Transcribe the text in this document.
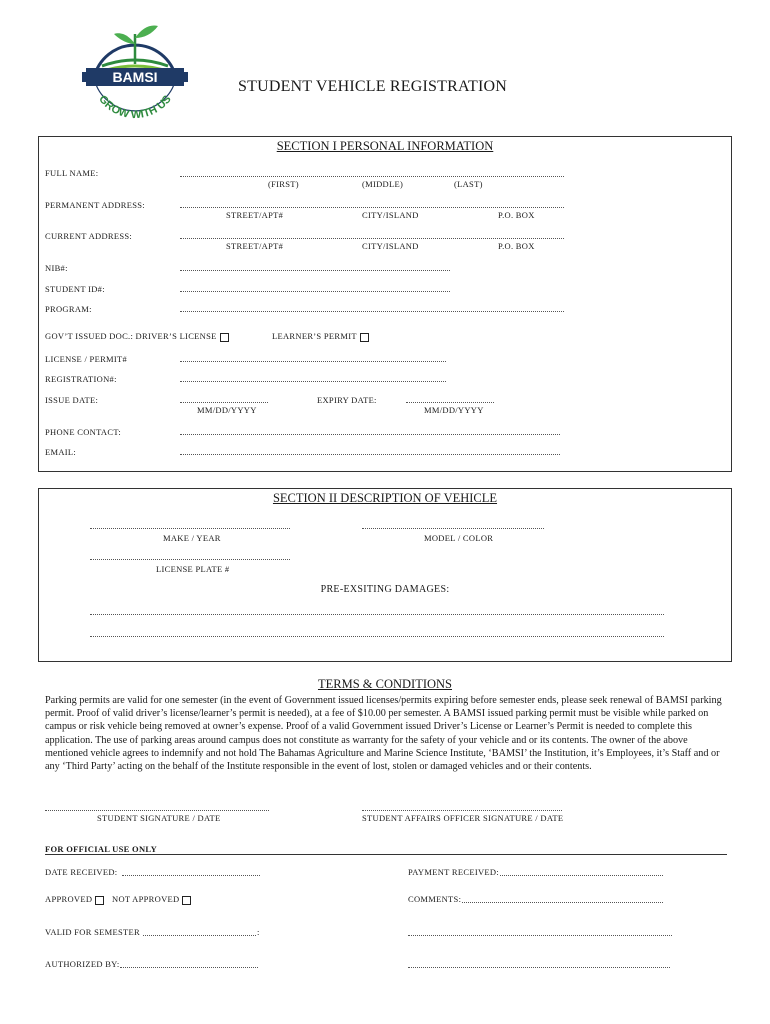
BAMSI
GROW WITH US
STUDENT VEHICLE REGISTRATION
SECTION I PERSONAL INFORMATION
FULL NAME:
(FIRST)	(MIDDLE)	(LAST)
PERMANENT ADDRESS:
STREET/APT#	CITY/ISLAND	P.O. BOX
CURRENT ADDRESS:
STREET/APT#	CITY/ISLAND	P.O. BOX
NIB#:
STUDENT ID#:
PROGRAM:
GOV’T ISSUED DOC.: DRIVER’S LICENSE	LEARNER’S PERMIT
LICENSE / PERMIT#
REGISTRATION#:
ISSUE DATE:
MM/DD/YYYY
EXPIRY DATE:
MM/DD/YYYY
PHONE CONTACT:
EMAIL:
SECTION II DESCRIPTION OF VEHICLE
MAKE / YEAR	MODEL / COLOR
LICENSE PLATE #
PRE-EXSITING DAMAGES:
TERMS & CONDITIONS
Parking permits are valid for one semester (in the event of Government issued licenses/permits expiring before semester ends, please seek renewal of BAMSI parking permit. Proof of valid driver’s license/learner’s permit is needed), at a fee of $10.00 per semester. A BAMSI issued parking permit must be visible while parked on campus or risk vehicle being removed at owner’s expense. Proof of a valid Government issued Driver’s License or Learner’s Permit is needed to complete this application. The use of parking areas around campus does not constitute as warranty for the safety of your vehicle and or its contents. The owner of the above mentioned vehicle agrees to indemnify and not hold The Bahamas Agriculture and Marine Science Institute, ‘BAMSI’ the Institution, it’s Employees, it’s Staff and or any ‘Third Party’ acting on the behalf of the Institute responsible in the event of lost, stolen or damaged vehicles and or their contents.
STUDENT SIGNATURE / DATE	STUDENT AFFAIRS OFFICER SIGNATURE / DATE
FOR OFFICIAL USE ONLY
DATE RECEIVED:	PAYMENT RECEIVED:
APPROVED	NOT APPROVED	COMMENTS:
VALID FOR SEMESTER	:
AUTHORIZED BY:
